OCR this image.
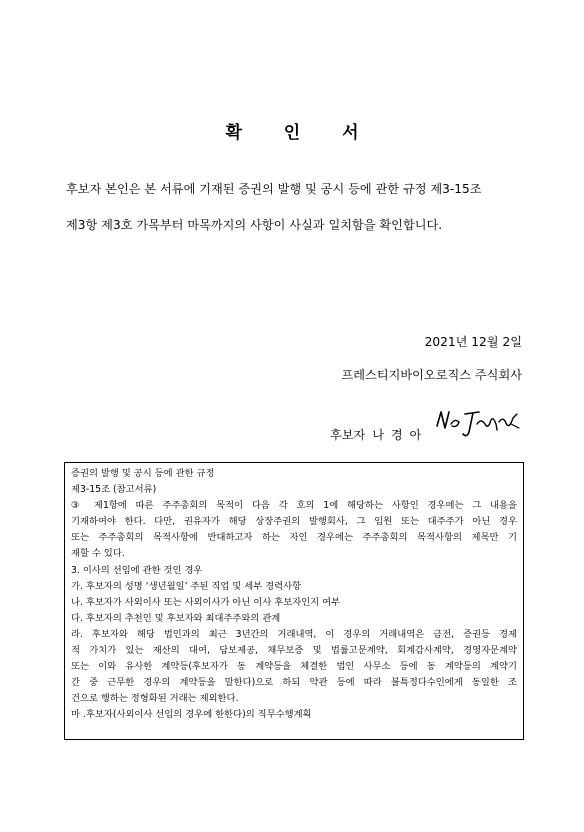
확 인 서
후보자 본인은 본 서류에 기재된 증권의 발행 및 공시 등에 관한 규정 제3-15조
제3항 제3호 가목부터 마목까지의 사항이 사실과 일치함을 확인합니다.
2021년 12월 2일
프레스티지바이오로직스 주식회사
후보자 나 경 아
증권의 발행 및 공시 등에 관한 규정
제3-15조 (참고서류)
③ 제1항에 따른 주주총회의 목적이 다음 각 호의 1에 해당하는 사항인 경우에는 그 내용을
기재하여야 한다. 다만, 권유자가 해당 상장주권의 발행회사, 그 임원 또는 대주주가 아닌 경우
또는 주주총회의 목적사항에 반대하고자 하는 자인 경우에는 주주총회의 목적사항의 제목만 기
재할 수 있다.
3. 이사의 선임에 관한 것인 경우
가. 후보자의 성명 ‘생년월일’ 주된 직업 및 세부 경력사항
나. 후보자가 사외이사 또는 사외이사가 아닌 이사 후보자인지 여부
다. 후보자의 추천인 및 후보자와 최대주주와의 관계
라. 후보자와 해당 법인과의 최근 3년간의 거래내역, 이 경우의 거래내역은 금전, 증권등 경제
적 가치가 있는 재산의 대여, 담보제공, 채무보증 및 법률고문계약, 회계감사계약, 경영자문계약
또는 이와 유사한 계약등(후보자가 동 계약등을 체결한 법인 사무소 등에 동 계약등의 계약기
간 중 근무한 경우의 계약등을 말한다)으로 하되 약관 등에 따라 불특정다수인에게 동일한 조
건으로 행하는 정형화된 거래는 제외한다.
마 .후보자(사외이사 선임의 경우에 한한다)의 직무수행계획
